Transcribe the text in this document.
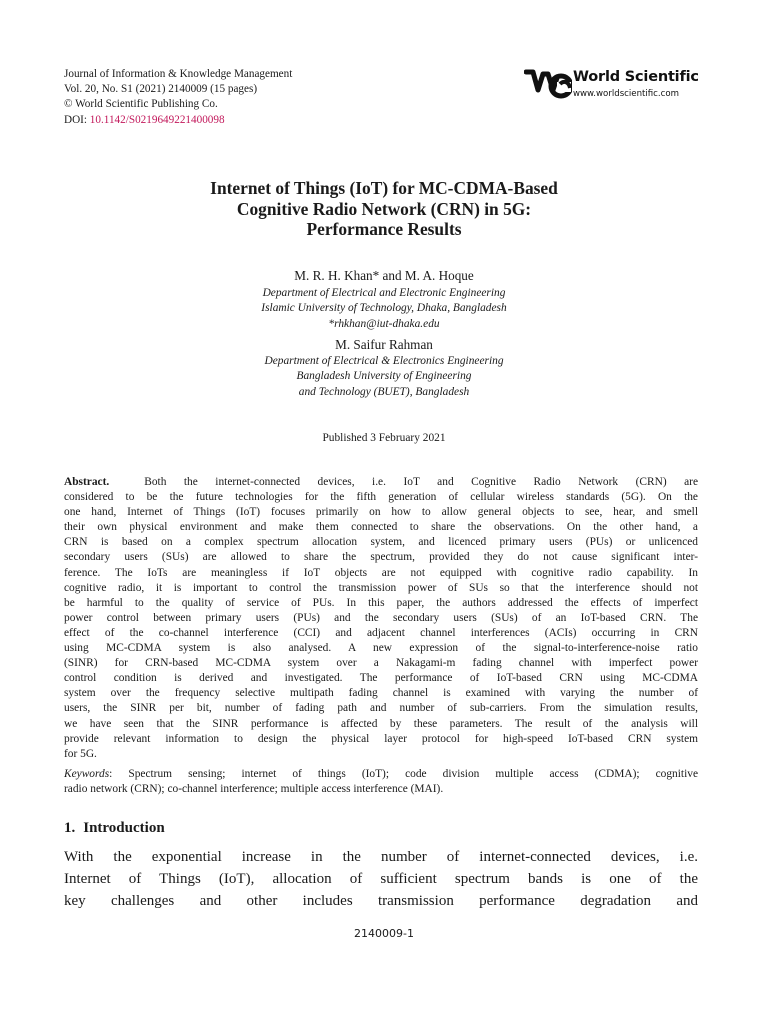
Journal of Information & Knowledge Management
Vol. 20, No. S1 (2021) 2140009 (15 pages)
© World Scientific Publishing Co.
DOI: 10.1142/S0219649221400098
World Scientific
www.worldscientific.com
Internet of Things (IoT) for MC-CDMA-Based
Cognitive Radio Network (CRN) in 5G:
Performance Results
M. R. H. Khan* and M. A. Hoque
Department of Electrical and Electronic Engineering
Islamic University of Technology, Dhaka, Bangladesh
*rhkhan@iut-dhaka.edu
M. Saifur Rahman
Department of Electrical & Electronics Engineering
Bangladesh University of Engineering
and Technology (BUET), Bangladesh
Published 3 February 2021
Abstract.	Both the internet-connected devices, i.e. IoT and Cognitive Radio Network (CRN) are
considered to be the future technologies for the fifth generation of cellular wireless standards (5G). On the
one hand, Internet of Things (IoT) focuses primarily on how to allow general objects to see, hear, and smell
their own physical environment and make them connected to share the observations. On the other hand, a
CRN is based on a complex spectrum allocation system, and licenced primary users (PUs) or unlicenced
secondary users (SUs) are allowed to share the spectrum, provided they do not cause significant inter-
ference. The IoTs are meaningless if IoT objects are not equipped with cognitive radio capability. In
cognitive radio, it is important to control the transmission power of SUs so that the interference should not
be harmful to the quality of service of PUs. In this paper, the authors addressed the effects of imperfect
power control between primary users (PUs) and the secondary users (SUs) of an IoT-based CRN. The
effect of the co-channel interference (CCI) and adjacent channel interferences (ACIs) occurring in CRN
using MC-CDMA system is also analysed. A new expression of the signal-to-interference-noise ratio
(SINR) for CRN-based MC-CDMA system over a Nakagami-m fading channel with imperfect power
control condition is derived and investigated. The performance of IoT-based CRN using MC-CDMA
system over the frequency selective multipath fading channel is examined with varying the number of
users, the SINR per bit, number of fading path and number of sub-carriers. From the simulation results,
we have seen that the SINR performance is affected by these parameters. The result of the analysis will
provide relevant information to design the physical layer protocol for high-speed IoT-based CRN system
for 5G.
Keywords: Spectrum sensing; internet of things (IoT); code division multiple access (CDMA); cognitive
radio network (CRN); co-channel interference; multiple access interference (MAI).
1. Introduction
With the exponential increase in the number of internet-connected devices, i.e.
Internet of Things (IoT), allocation of sufficient spectrum bands is one of the
key challenges and other includes transmission performance degradation and
2140009-1
